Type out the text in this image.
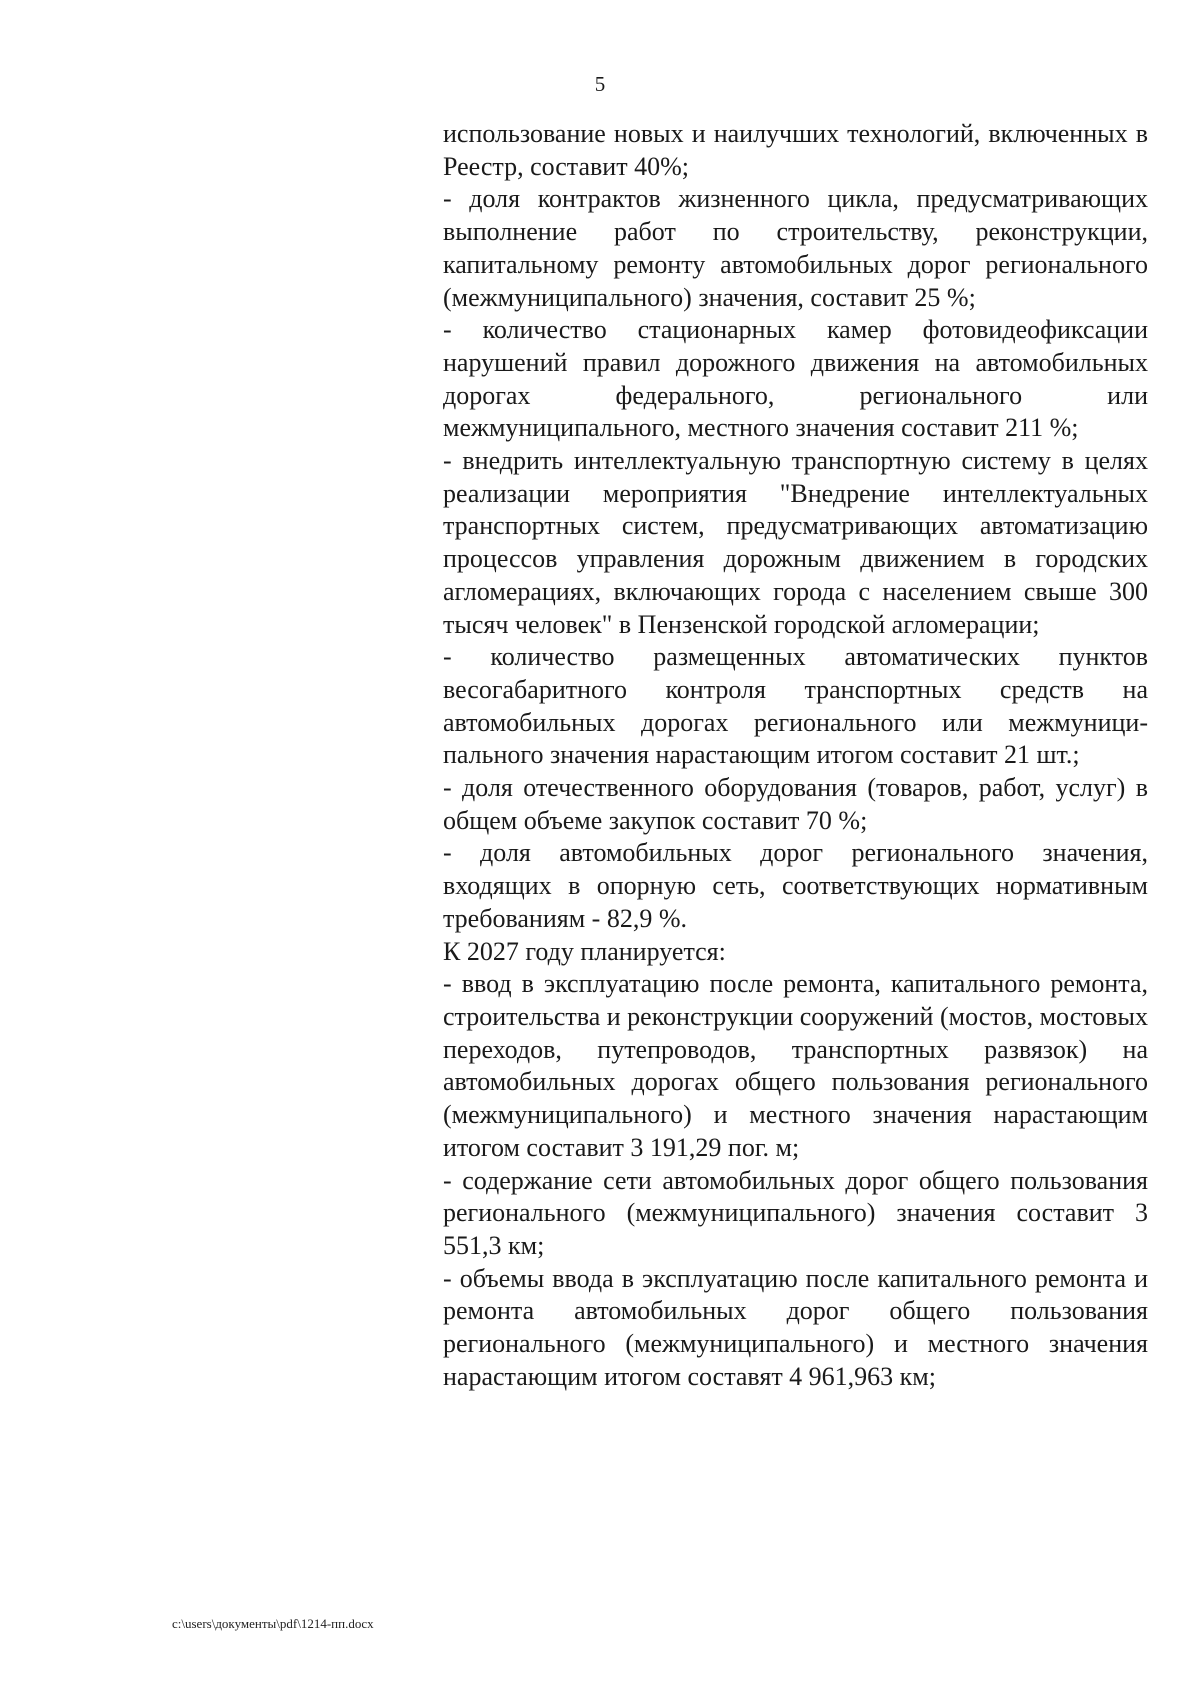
5

использование новых и наилучших технологий, включенных в Реестр, составит 40%;

- доля контрактов жизненного цикла, предусматривающих выполнение работ по строительству, реконструкции, капитальному ремонту автомобильных дорог регионального (межмуниципального) значения, составит 25 %;

- количество стационарных камер фотовидеофиксации нарушений правил дорожного движения на автомобильных дорогах федерального, регионального или межмуниципального, местного значения составит 211 %;

- внедрить интеллектуальную транспортную систему в целях реализации мероприятия "Внедрение интеллектуальных транспортных систем, предусматривающих автоматизацию процессов управления дорожным движением в городских агломерациях, включающих города с населением свыше 300 тысяч человек" в Пензенской городской агломерации;

- количество размещенных автоматических пунктов весогабаритного контроля транспортных средств на автомобильных дорогах регионального или межмуниципального значения нарастающим итогом составит 21 шт.;

- доля отечественного оборудования (товаров, работ, услуг) в общем объеме закупок составит 70 %;

- доля автомобильных дорог регионального значения, входящих в опорную сеть, соответствующих нормативным требованиям - 82,9 %.

К 2027 году планируется:

- ввод в эксплуатацию после ремонта, капитального ремонта, строительства и реконструкции сооружений (мостов, мостовых переходов, путепроводов, транспортных развязок) на автомобильных дорогах общего пользования регионального (межмуниципального) и местного значения нарастающим итогом составит 3 191,29 пог. м;

- содержание сети автомобильных дорог общего пользования регионального (межмуниципального) значения составит 3 551,3 км;

- объемы ввода в эксплуатацию после капитального ремонта и ремонта автомобильных дорог общего пользования регионального (межмуниципального) и местного значения нарастающим итогом составят 4 961,963 км;

c:\users\документы\pdf\1214-пп.docx
